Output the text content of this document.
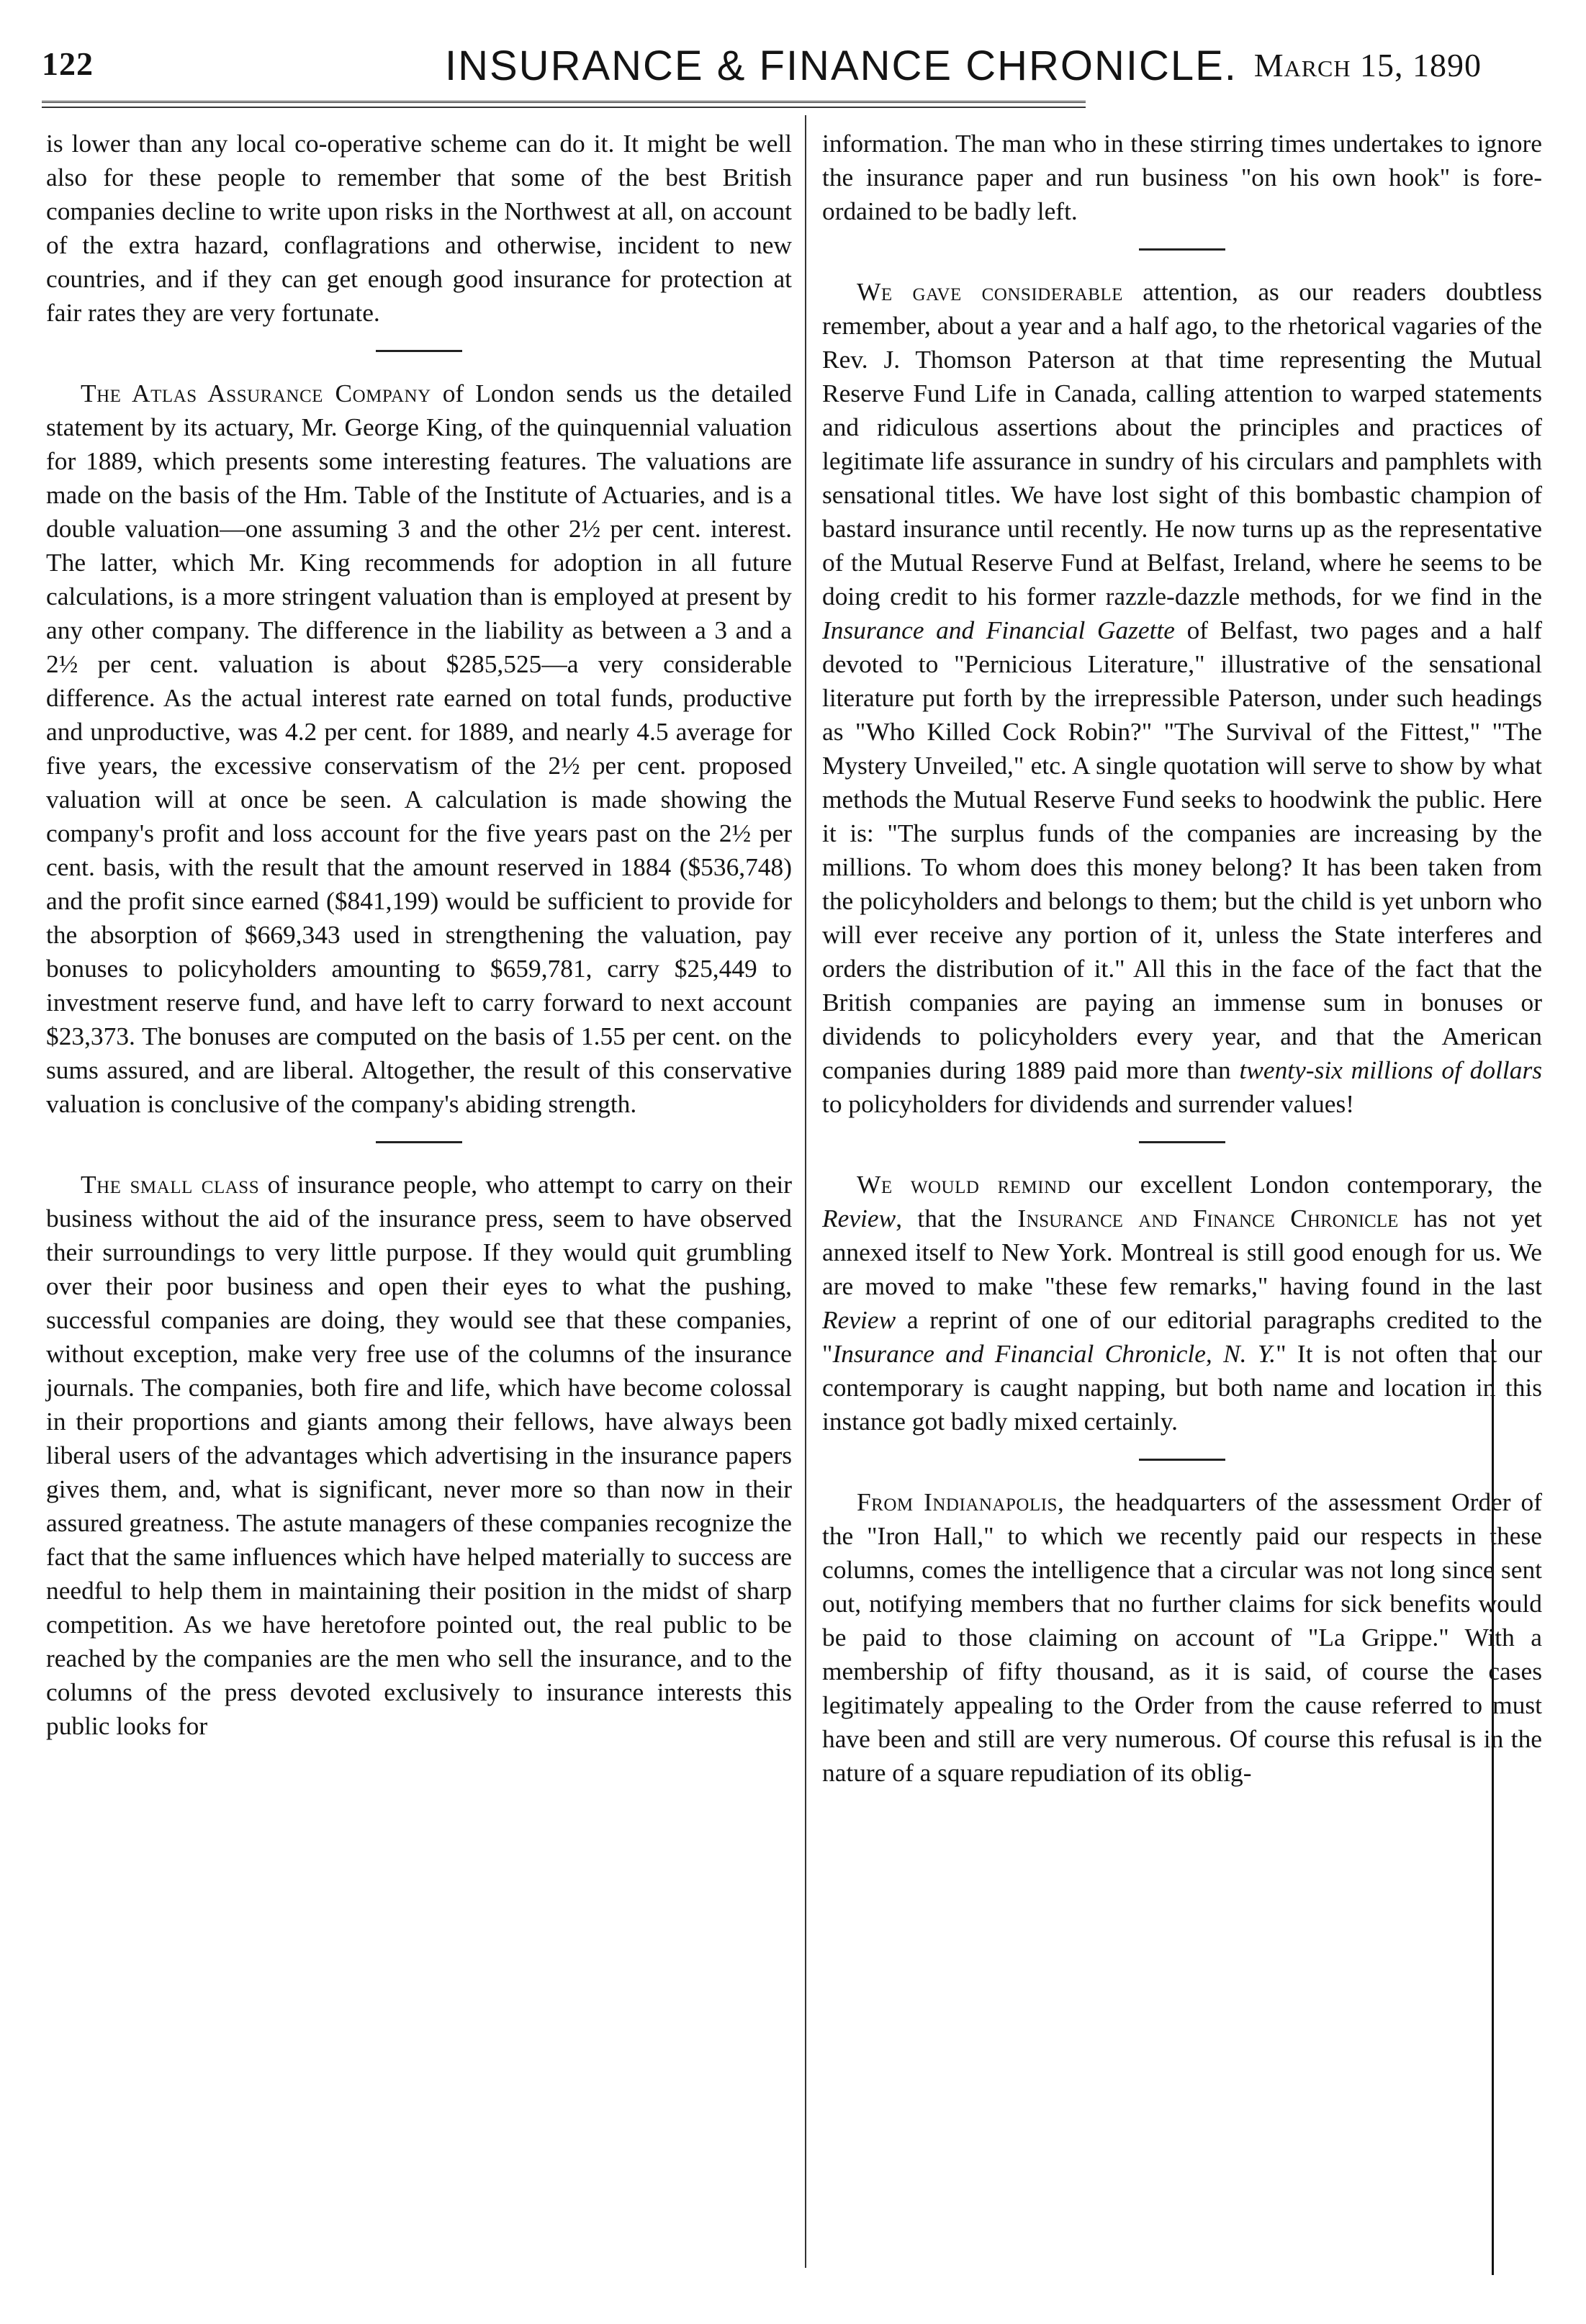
122	INSURANCE & FINANCE CHRONICLE. March 15, 1890

is lower than any local co-operative scheme can do it. It might be well also for these people to remember that some of the best British companies decline to write upon risks in the Northwest at all, on account of the extra hazard, conflagrations and otherwise, incident to new countries, and if they can get enough good insurance for protection at fair rates they are very fortunate.

The Atlas Assurance Company of London sends us the detailed statement by its actuary, Mr. George King, of the quinquennial valuation for 1889, which presents some interesting features. The valuations are made on the basis of the Hm. Table of the Institute of Actuaries, and is a double valuation—one assuming 3 and the other 2½ per cent. interest. The latter, which Mr. King recommends for adoption in all future calculations, is a more stringent valuation than is employed at present by any other company. The difference in the liability as between a 3 and a 2½ per cent. valuation is about $285,525—a very considerable difference. As the actual interest rate earned on total funds, productive and unproductive, was 4.2 per cent. for 1889, and nearly 4.5 average for five years, the excessive conservatism of the 2½ per cent. proposed valuation will at once be seen. A calculation is made showing the company's profit and loss account for the five years past on the 2½ per cent. basis, with the result that the amount reserved in 1884 ($536,748) and the profit since earned ($841,199) would be sufficient to provide for the absorption of $669,343 used in strengthening the valuation, pay bonuses to policyholders amounting to $659,781, carry $25,449 to investment reserve fund, and have left to carry forward to next account $23,373. The bonuses are computed on the basis of 1.55 per cent. on the sums assured, and are liberal. Altogether, the result of this conservative valuation is conclusive of the company's abiding strength.

The small class of insurance people, who attempt to carry on their business without the aid of the insurance press, seem to have observed their surroundings to very little purpose. If they would quit grumbling over their poor business and open their eyes to what the pushing, successful companies are doing, they would see that these companies, without exception, make very free use of the columns of the insurance journals. The companies, both fire and life, which have become colossal in their proportions and giants among their fellows, have always been liberal users of the advantages which advertising in the insurance papers gives them, and, what is significant, never more so than now in their assured greatness. The astute managers of these companies recognize the fact that the same influences which have helped materially to success are needful to help them in maintaining their position in the midst of sharp competition. As we have heretofore pointed out, the real public to be reached by the companies are the men who sell the insurance, and to the columns of the press devoted exclusively to insurance interests this public looks for

information. The man who in these stirring times undertakes to ignore the insurance paper and run business "on his own hook" is fore-ordained to be badly left.

We gave considerable attention, as our readers doubtless remember, about a year and a half ago, to the rhetorical vagaries of the Rev. J. Thomson Paterson at that time representing the Mutual Reserve Fund Life in Canada, calling attention to warped statements and ridiculous assertions about the principles and practices of legitimate life assurance in sundry of his circulars and pamphlets with sensational titles. We have lost sight of this bombastic champion of bastard insurance until recently. He now turns up as the representative of the Mutual Reserve Fund at Belfast, Ireland, where he seems to be doing credit to his former razzle-dazzle methods, for we find in the Insurance and Financial Gazette of Belfast, two pages and a half devoted to "Pernicious Literature," illustrative of the sensational literature put forth by the irrepressible Paterson, under such headings as "Who Killed Cock Robin?" "The Survival of the Fittest," "The Mystery Unveiled," etc. A single quotation will serve to show by what methods the Mutual Reserve Fund seeks to hoodwink the public. Here it is: "The surplus funds of the companies are increasing by the millions. To whom does this money belong? It has been taken from the policyholders and belongs to them; but the child is yet unborn who will ever receive any portion of it, unless the State interferes and orders the distribution of it." All this in the face of the fact that the British companies are paying an immense sum in bonuses or dividends to policyholders every year, and that the American companies during 1889 paid more than twenty-six millions of dollars to policyholders for dividends and surrender values!

We would remind our excellent London contemporary, the Review, that the Insurance and Finance Chronicle has not yet annexed itself to New York. Montreal is still good enough for us. We are moved to make "these few remarks," having found in the last Review a reprint of one of our editorial paragraphs credited to the "Insurance and Financial Chronicle, N. Y." It is not often that our contemporary is caught napping, but both name and location in this instance got badly mixed certainly.

From Indianapolis, the headquarters of the assessment Order of the "Iron Hall," to which we recently paid our respects in these columns, comes the intelligence that a circular was not long since sent out, notifying members that no further claims for sick benefits would be paid to those claiming on account of "La Grippe." With a membership of fifty thousand, as it is said, of course the cases legitimately appealing to the Order from the cause referred to must have been and still are very numerous. Of course this refusal is in the nature of a square repudiation of its oblig-
